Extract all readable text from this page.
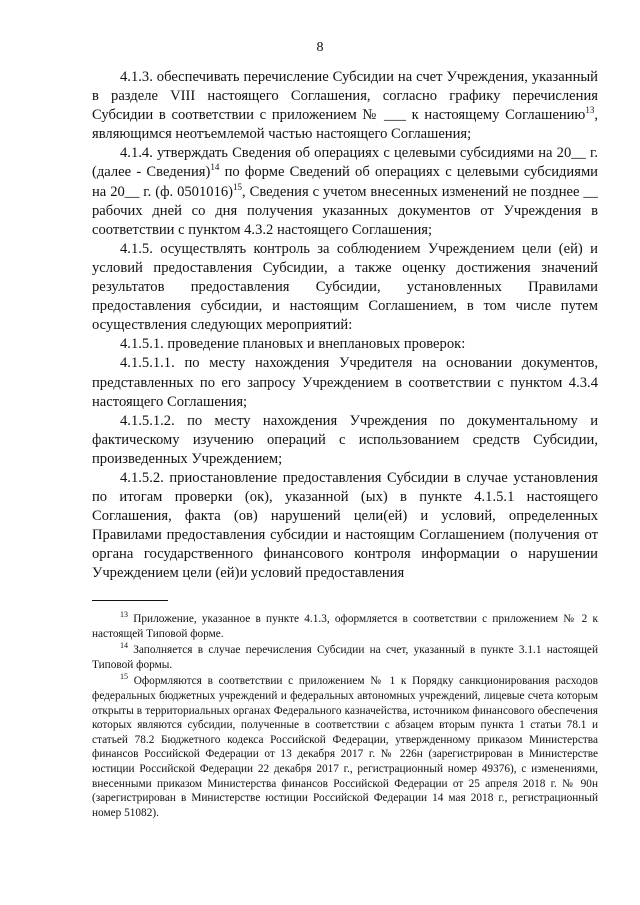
8

4.1.3. обеспечивать перечисление Субсидии на счет Учреждения, указанный в разделе VIII настоящего Соглашения, согласно графику перечисления Субсидии в соответствии с приложением № ___ к настоящему Соглашению$^{13}$, являющимся неотъемлемой частью настоящего Соглашения;

4.1.4. утверждать Сведения об операциях с целевыми субсидиями на 20__ г. (далее - Сведения)$^{14}$ по форме Сведений об операциях с целевыми субсидиями на 20__ г. (ф. 0501016)$^{15}$, Сведения с учетом внесенных изменений не позднее __ рабочих дней со дня получения указанных документов от Учреждения в соответствии с пунктом 4.3.2 настоящего Соглашения;

4.1.5. осуществлять контроль за соблюдением Учреждением цели (ей) и условий предоставления Субсидии, а также оценку достижения значений результатов предоставления Субсидии, установленных Правилами предоставления субсидии, и настоящим Соглашением, в том числе путем осуществления следующих мероприятий:

4.1.5.1. проведение плановых и внеплановых проверок:

4.1.5.1.1. по месту нахождения Учредителя на основании документов, представленных по его запросу Учреждением в соответствии с пунктом 4.3.4 настоящего Соглашения;

4.1.5.1.2. по месту нахождения Учреждения по документальному и фактическому изучению операций с использованием средств Субсидии, произведенных Учреждением;

4.1.5.2. приостановление предоставления Субсидии в случае установления по итогам проверки (ок), указанной (ых) в пункте 4.1.5.1 настоящего Соглашения, факта (ов) нарушений цели(ей) и условий, определенных Правилами предоставления субсидии и настоящим Соглашением (получения от органа государственного финансового контроля информации о нарушении Учреждением цели (ей)и условий предоставления

$^{13}$ Приложение, указанное в пункте 4.1.3, оформляется в соответствии с приложением № 2 к настоящей Типовой форме.

$^{14}$ Заполняется в случае перечисления Субсидии на счет, указанный в пункте 3.1.1 настоящей Типовой формы.

$^{15}$ Оформляются в соответствии с приложением № 1 к Порядку санкционирования расходов федеральных бюджетных учреждений и федеральных автономных учреждений, лицевые счета которым открыты в территориальных органах Федерального казначейства, источником финансового обеспечения которых являются субсидии, полученные в соответствии с абзацем вторым пункта 1 статьи 78.1 и статьей 78.2 Бюджетного кодекса Российской Федерации, утвержденному приказом Министерства финансов Российской Федерации от 13 декабря 2017 г. № 226н (зарегистрирован в Министерстве юстиции Российской Федерации 22 декабря 2017 г., регистрационный номер 49376), с изменениями, внесенными приказом Министерства финансов Российской Федерации от 25 апреля 2018 г. № 90н (зарегистрирован в Министерстве юстиции Российской Федерации 14 мая 2018 г., регистрационный номер 51082).
